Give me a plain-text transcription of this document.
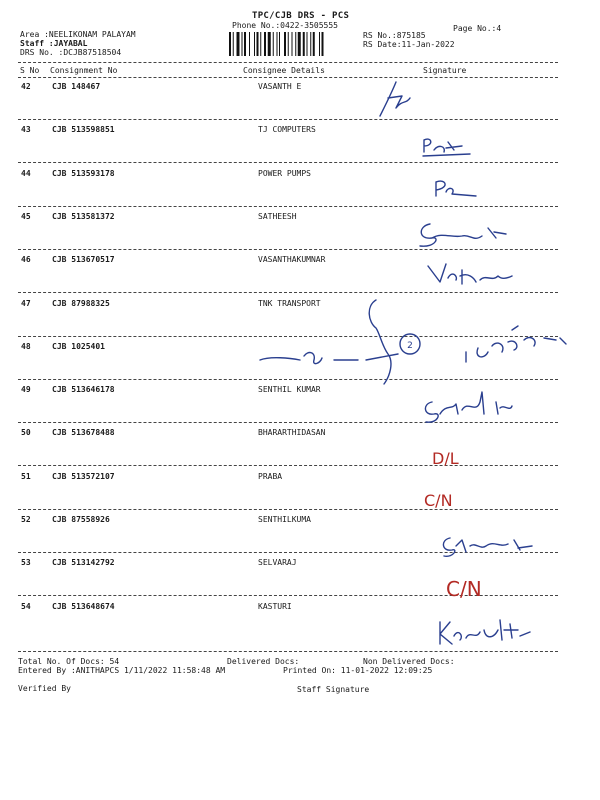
TPC/CJB DRS - PCS
Phone No.:0422-3505555	Page No.:4
Area :NEELIKONAM PALAYAM
Staff :JAYABAL
DRS No. :DCJB87518504
RS No.:875185
RS Date:11-Jan-2022
S No Consignment No	Consignee Details	Signature
42	CJB 148467	VASANTH E
43	CJB 513598851	TJ COMPUTERS
44	CJB 513593178	POWER PUMPS
45	CJB 513581372	SATHEESH
46	CJB 513670517	VASANTHAKUMNAR
47	CJB 87988325	TNK TRANSPORT
48	CJB 1025401
49	CJB 513646178	SENTHIL KUMAR
50	CJB 513678488	BHARARTHIDASAN
51	CJB 513572107	PRABA
52	CJB 87558926	SENTHILKUMA
53	CJB 513142792	SELVARAJ
54	CJB 513648674	KASTURI
2
D/L
C/N
C/N
Total No. Of Docs: 54	Delivered Docs:	Non Delivered Docs:
Entered By :ANITHAPCS 1/11/2022 11:58:48 AM	Printed On: 11-01-2022 12:09:25
Verified By	Staff Signature
